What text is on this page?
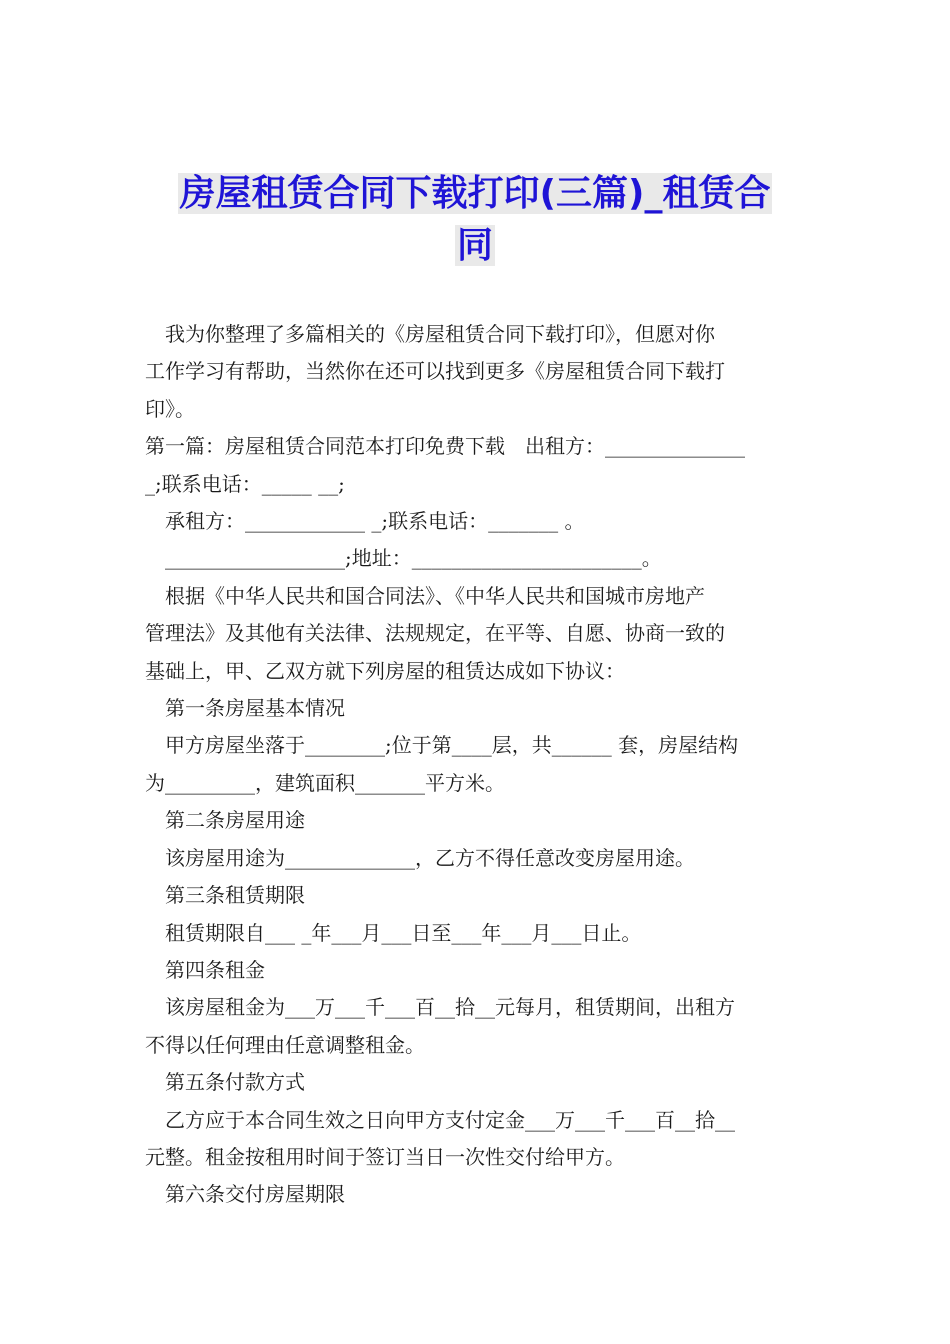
房屋租赁合同下载打印(三篇)_租赁合
同

我为你整理了多篇相关的《房屋租赁合同下载打印》，但愿对你

工作学习有帮助，当然你在还可以找到更多《房屋租赁合同下载打

印》。

第一篇：房屋租赁合同范本打印免费下载　出租方：______________

_;联系电话：_____ __;

承租方：____________ _;联系电话：_______ 。

__________________;地址：_______________________。

根据《中华人民共和国合同法》、《中华人民共和国城市房地产

管理法》及其他有关法律、法规规定，在平等、自愿、协商一致的

基础上，甲、乙双方就下列房屋的租赁达成如下协议：

第一条房屋基本情况

甲方房屋坐落于________;位于第____层，共______ 套，房屋结构

为_________，建筑面积_______平方米。

第二条房屋用途

该房屋用途为_____________，乙方不得任意改变房屋用途。

第三条租赁期限

租赁期限自___ _年___月___日至___年___月___日止。

第四条租金

该房屋租金为___万___千___百__拾__元每月，租赁期间，出租方

不得以任何理由任意调整租金。

第五条付款方式

乙方应于本合同生效之日向甲方支付定金___万___千___百__拾__

元整。租金按租用时间于签订当日一次性交付给甲方。

第六条交付房屋期限
